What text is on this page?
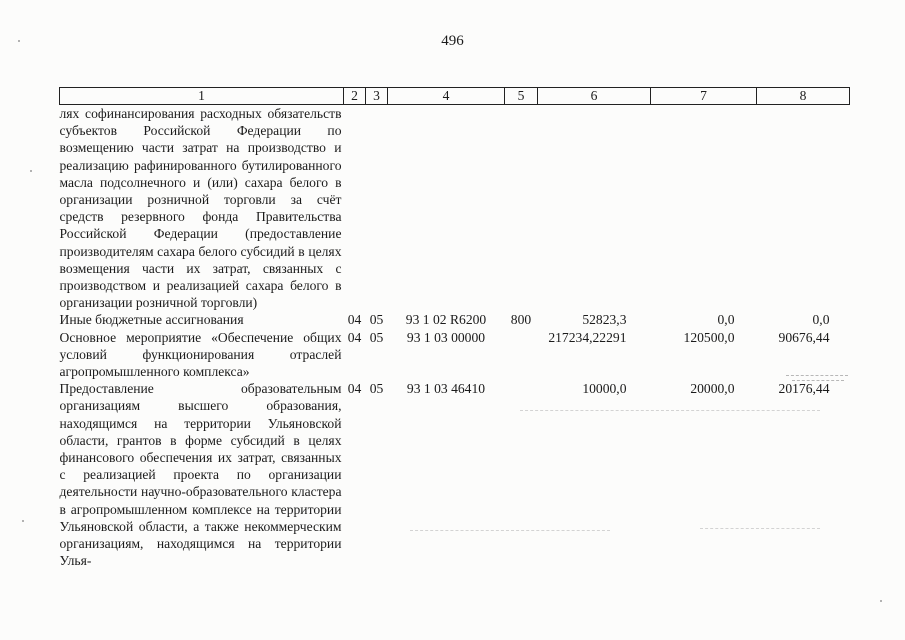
496
1	2	3	4	5	6	7	8
лях софинансирования расходных обязательств субъектов Российской Федерации по возмещению части затрат на производство и реализацию рафинированного бутилированного масла подсолнечного и (или) сахара белого в организации розничной торговли за счёт средств резервного фонда Правительства Российской Федерации (предоставление производителям сахара белого субсидий в целях возмещения части их затрат, связанных с производством и реализацией сахара белого в организации розничной торговли)							
Иные бюджетные ассигнования	04	05	93 1 02 R6200	800	52823,3	0,0	0,0
Основное мероприятие «Обеспечение общих условий функционирования отраслей агропромышленного комплекса»	04	05	93 1 03 00000		217234,22291	120500,0	90676,44
Предоставление образовательным организациям высшего образования, находящимся на территории Ульяновской области, грантов в форме субсидий в целях финансового обеспечения их затрат, связанных с реализацией проекта по организации деятельности научно-образовательного кластера в агропромышленном комплексе на территории Ульяновской области, а также некоммерческим организациям, находящимся на территории Улья-	04	05	93 1 03 46410		10000,0	20000,0	20176,44
